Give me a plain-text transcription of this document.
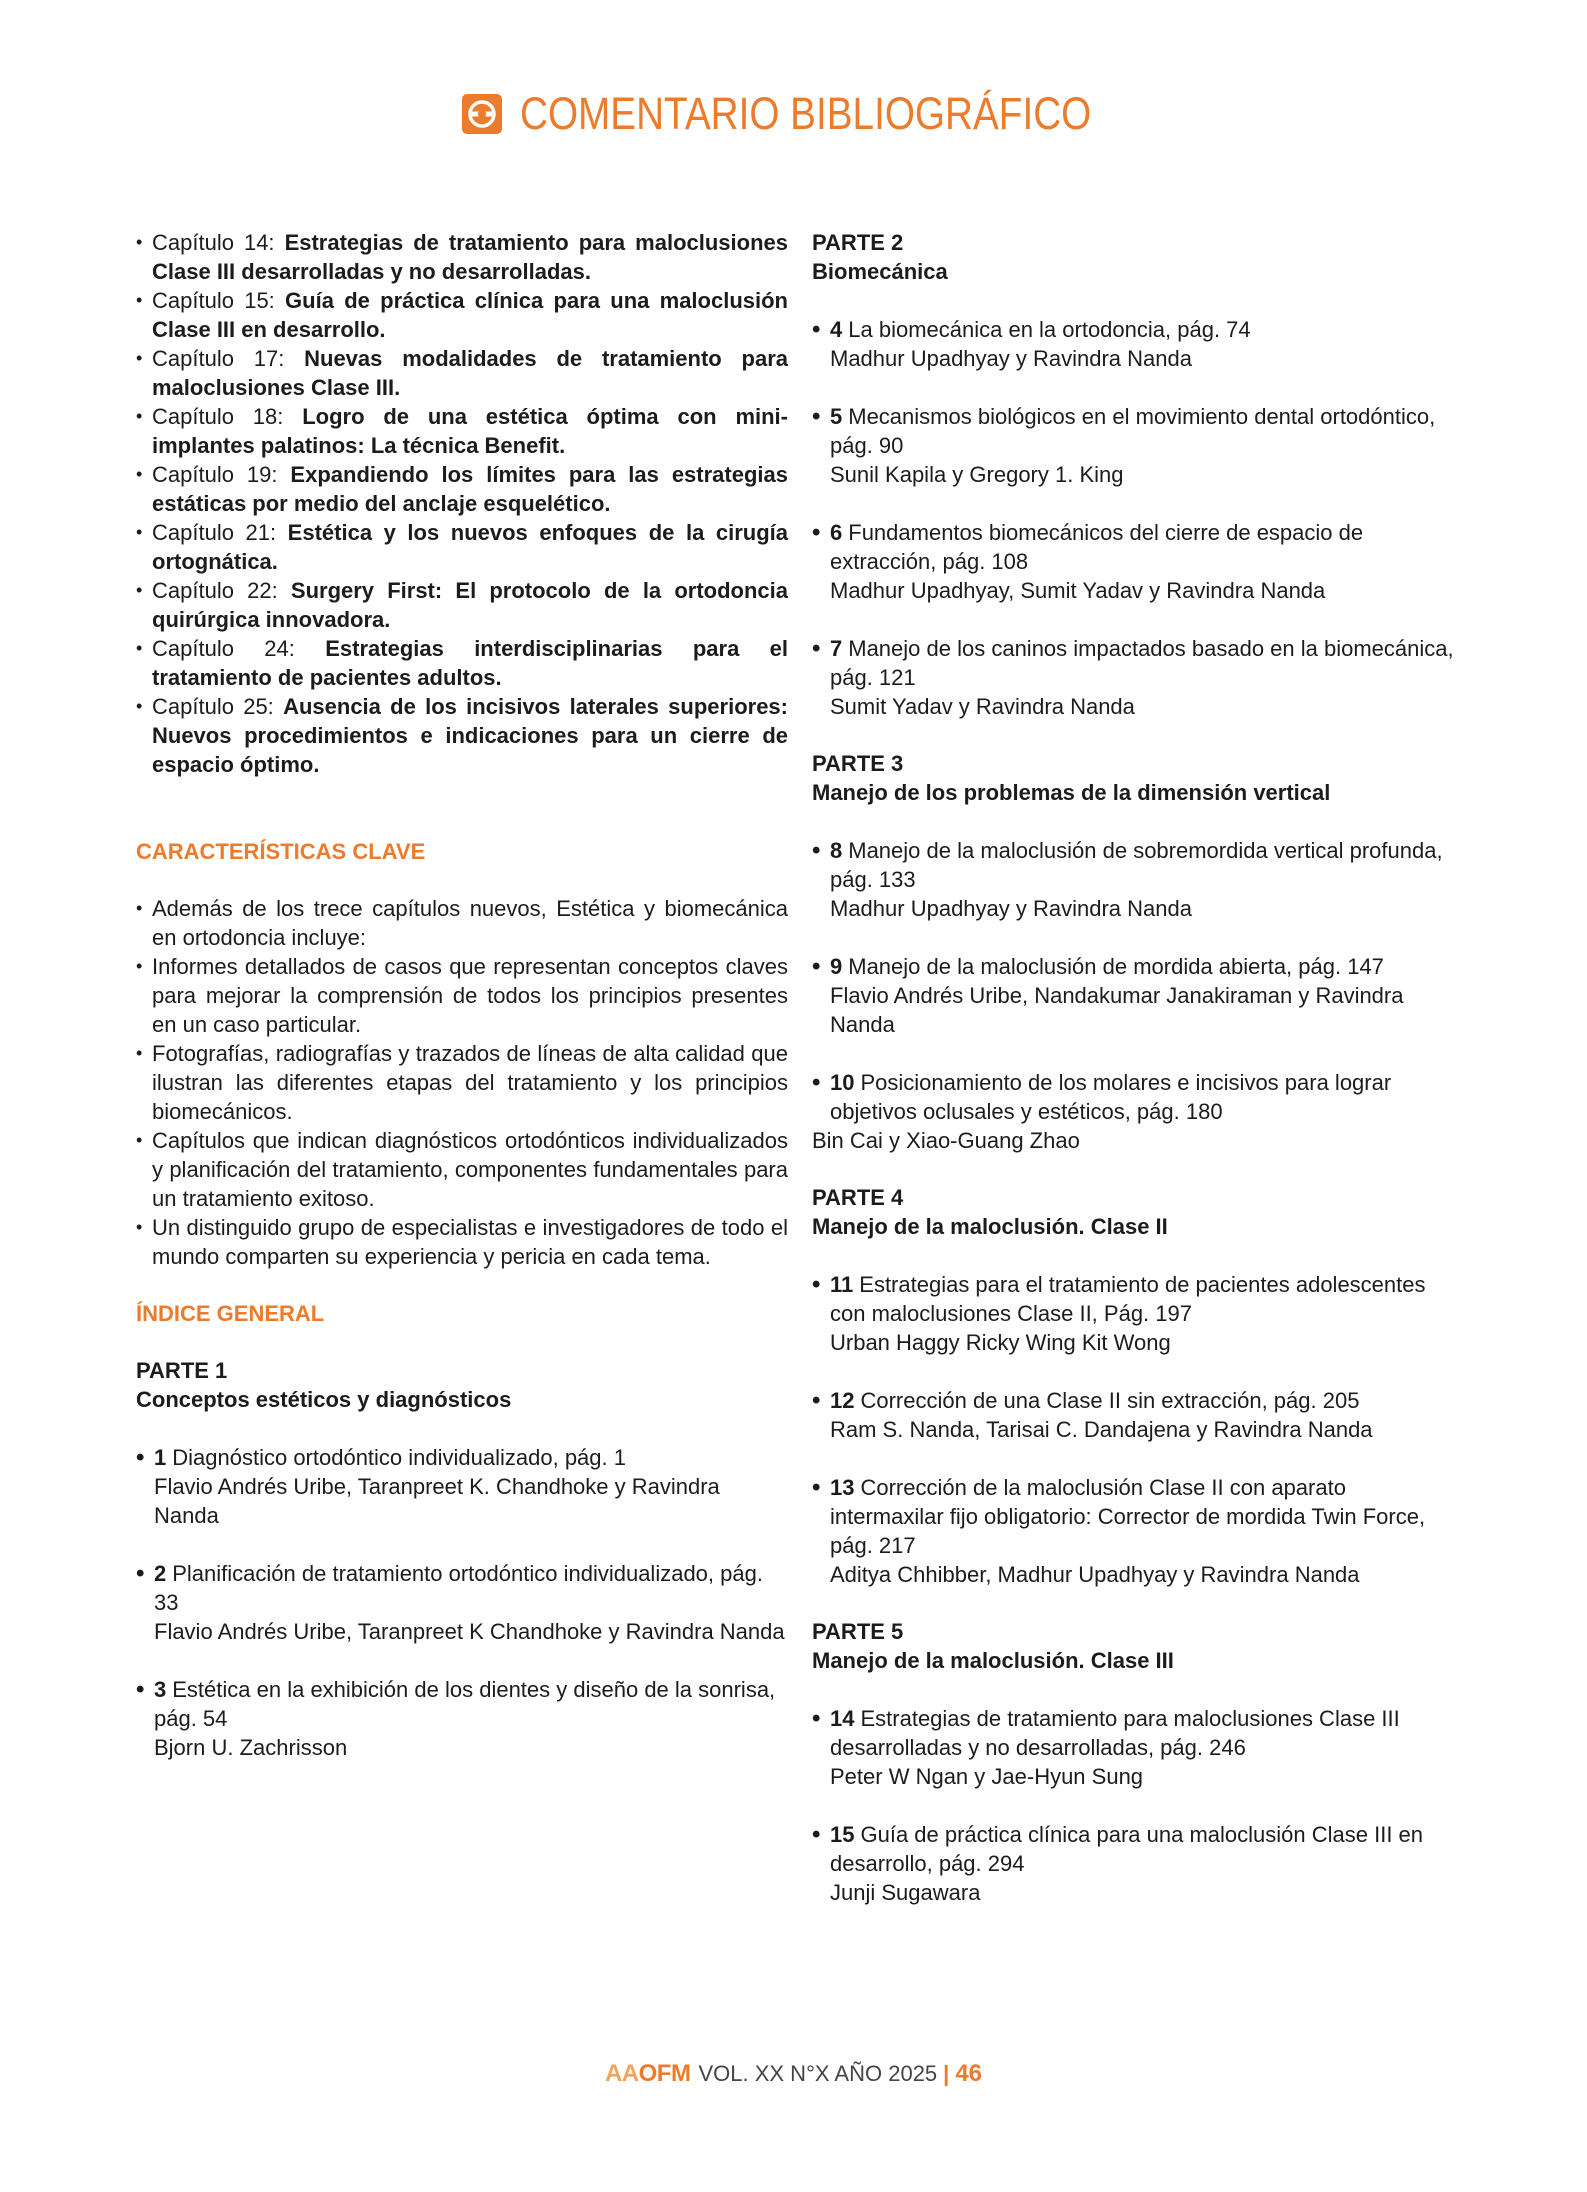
COMENTARIO BIBLIOGRÁFICO
• Capítulo 14: Estrategias de tratamiento para maloclusiones Clase III desarrolladas y no desarrolladas.
• Capítulo 15: Guía de práctica clínica para una maloclusión Clase III en desarrollo.
• Capítulo 17: Nuevas modalidades de tratamiento para maloclusiones Clase III.
• Capítulo 18: Logro de una estética óptima con mini-implantes palatinos: La técnica Benefit.
• Capítulo 19: Expandiendo los límites para las estrategias estáticas por medio del anclaje esquelético.
• Capítulo 21: Estética y los nuevos enfoques de la cirugía ortognática.
• Capítulo 22: Surgery First: El protocolo de la ortodoncia quirúrgica innovadora.
• Capítulo 24: Estrategias interdisciplinarias para el tratamiento de pacientes adultos.
• Capítulo 25: Ausencia de los incisivos laterales superiores: Nuevos procedimientos e indicaciones para un cierre de espacio óptimo.

CARACTERÍSTICAS CLAVE

• Además de los trece capítulos nuevos, Estética y biomecánica en ortodoncia incluye:
• Informes detallados de casos que representan conceptos claves para mejorar la comprensión de todos los principios presentes en un caso particular.
• Fotografías, radiografías y trazados de líneas de alta calidad que ilustran las diferentes etapas del tratamiento y los principios biomecánicos.
• Capítulos que indican diagnósticos ortodónticos individualizados y planificación del tratamiento, componentes fundamentales para un tratamiento exitoso.
• Un distinguido grupo de especialistas e investigadores de todo el mundo comparten su experiencia y pericia en cada tema.

ÍNDICE GENERAL

PARTE 1

Conceptos estéticos y diagnósticos

• 1 Diagnóstico ortodóntico individualizado, pág. 1
Flavio Andrés Uribe, Taranpreet K. Chandhoke y Ravindra Nanda
• 2 Planificación de tratamiento ortodóntico individualizado, pág. 33
Flavio Andrés Uribe, Taranpreet K Chandhoke y Ravindra Nanda
• 3 Estética en la exhibición de los dientes y diseño de la sonrisa, pág. 54
Bjorn U. Zachrisson

PARTE 2

Biomecánica

• 4 La biomecánica en la ortodoncia, pág. 74
Madhur Upadhyay y Ravindra Nanda
• 5 Mecanismos biológicos en el movimiento dental ortodóntico, pág. 90
Sunil Kapila y Gregory 1. King
• 6 Fundamentos biomecánicos del cierre de espacio de extracción, pág. 108
Madhur Upadhyay, Sumit Yadav y Ravindra Nanda
• 7 Manejo de los caninos impactados basado en la biomecánica, pág. 121
Sumit Yadav y Ravindra Nanda

PARTE 3

Manejo de los problemas de la dimensión vertical

• 8 Manejo de la maloclusión de sobremordida vertical profunda, pág. 133
Madhur Upadhyay y Ravindra Nanda
• 9 Manejo de la maloclusión de mordida abierta, pág. 147
Flavio Andrés Uribe, Nandakumar Janakiraman y Ravindra Nanda
• 10 Posicionamiento de los molares e incisivos para lograr objetivos oclusales y estéticos, pág. 180
Bin Cai y Xiao-Guang Zhao

PARTE 4

Manejo de la maloclusión. Clase II

• 11 Estrategias para el tratamiento de pacientes adolescentes con maloclusiones Clase II, Pág. 197
Urban Haggy Ricky Wing Kit Wong
• 12 Corrección de una Clase II sin extracción, pág. 205
Ram S. Nanda, Tarisai C. Dandajena y Ravindra Nanda
• 13 Corrección de la maloclusión Clase II con aparato intermaxilar fijo obligatorio: Corrector de mordida Twin Force, pág. 217
Aditya Chhibber, Madhur Upadhyay y Ravindra Nanda

PARTE 5

Manejo de la maloclusión. Clase III

• 14 Estrategias de tratamiento para maloclusiones Clase III desarrolladas y no desarrolladas, pág. 246
Peter W Ngan y Jae-Hyun Sung
• 15 Guía de práctica clínica para una maloclusión Clase III en desarrollo, pág. 294
Junji Sugawara
AAOFM VOL. XX N°X AÑO 2025 | 46
